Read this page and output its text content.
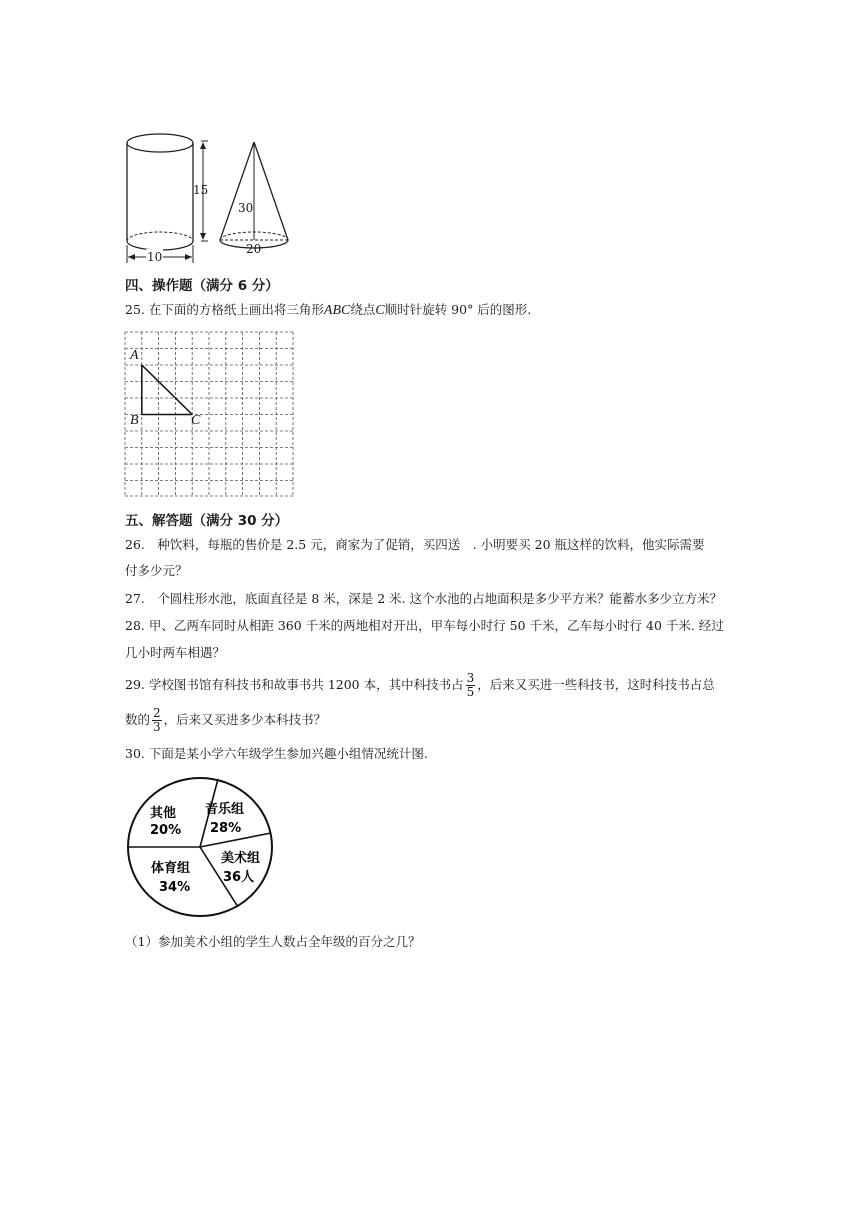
15
10
30
20
四、操作题（满分 6 分）
25. 在下面的方格纸上画出将三角形ABC绕点C顺时针旋转 90° 后的图形.
A
B	C
五、解答题（满分 30 分）
26.　种饮料，每瓶的售价是 2.5 元，商家为了促销，买四送　. 小明要买 20 瓶这样的饮料，他实际需要
付多少元？
27.　个圆柱形水池，底面直径是 8 米，深是 2 米. 这个水池的占地面积是多少平方米？能蓄水多少立方米？
28. 甲、乙两车同时从相距 360 千米的两地相对开出，甲车每小时行 50 千米，乙车每小时行 40 千米. 经过
几小时两车相遇？
29. 学校图书馆有科技书和故事书共 1200 本，其中科技书占 $\frac{3}{5}$ ，后来又买进一些科技书，这时科技书占总
数的 $\frac{2}{3}$ ，后来又买进多少本科技书？
30. 下面是某小学六年级学生参加兴趣小组情况统计图.
其他
20%
音乐组
28%
美术组
36人
体育组
34%
（1）参加美术小组的学生人数占全年级的百分之几？
